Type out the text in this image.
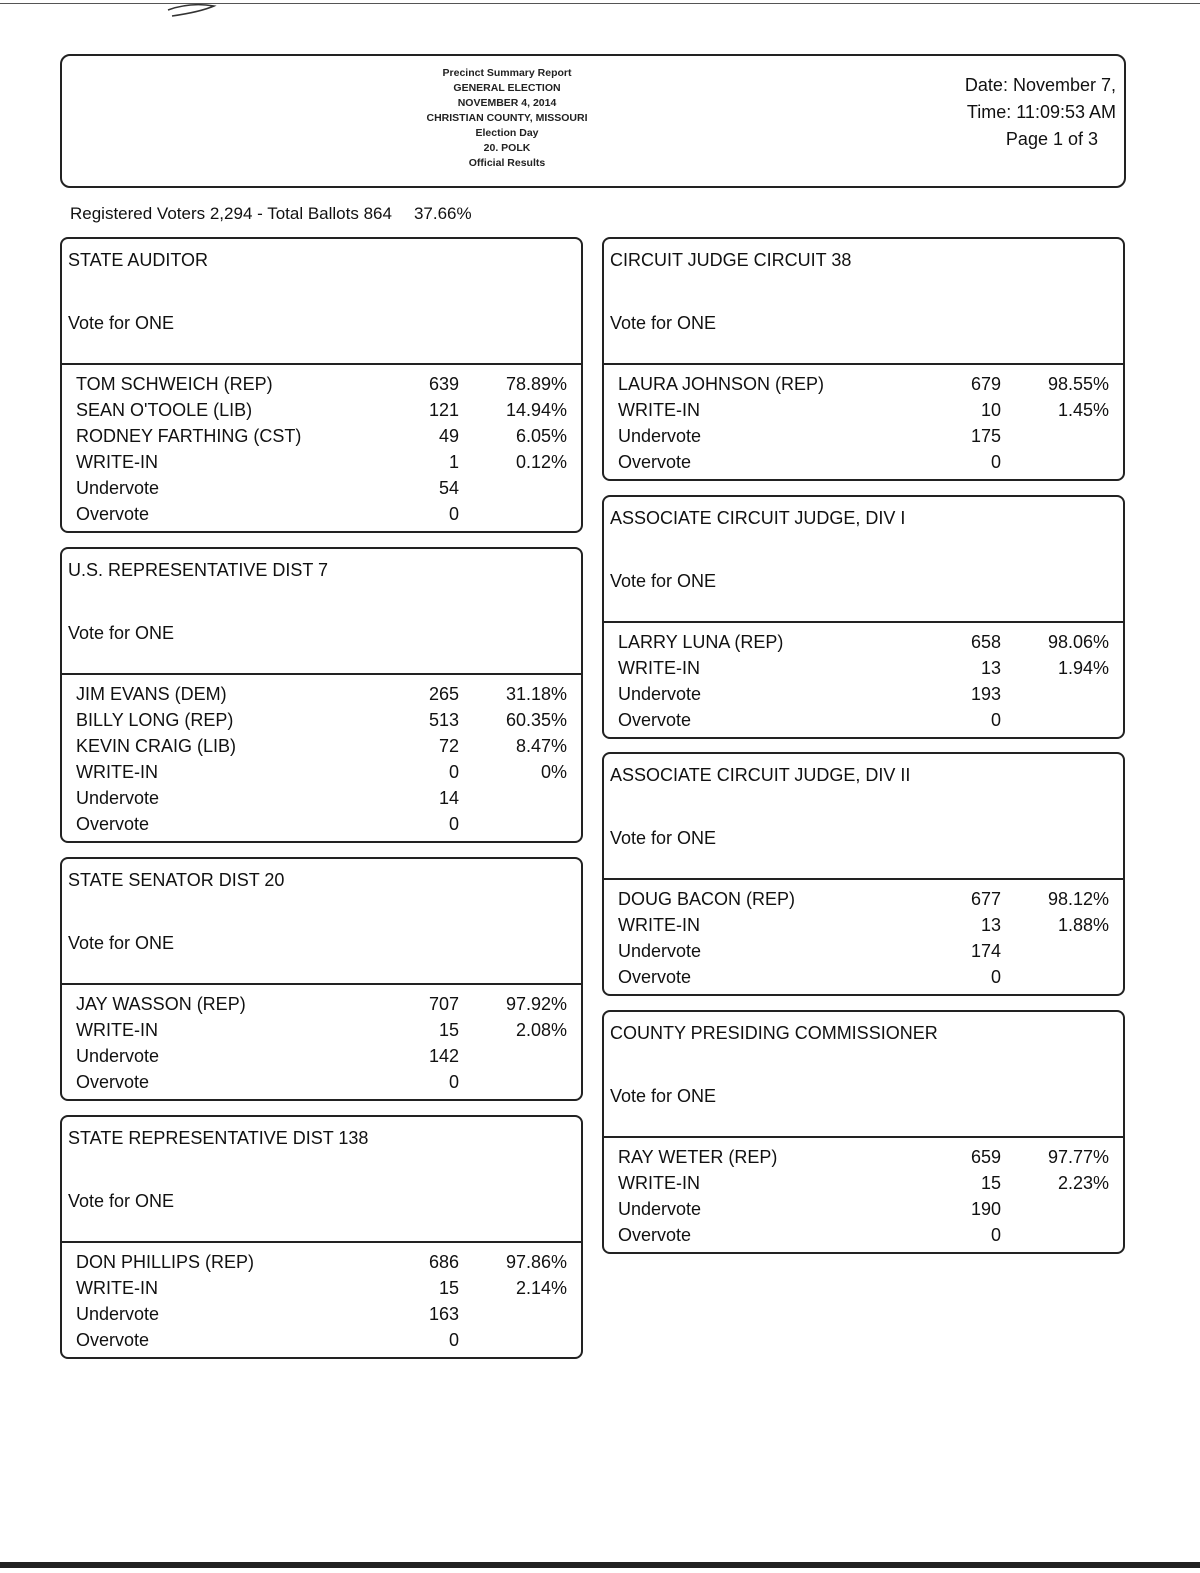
Precinct Summary Report
GENERAL ELECTION
NOVEMBER 4, 2014
CHRISTIAN COUNTY, MISSOURI
Election Day
20. POLK
Official Results
Date: November 7,
Time: 11:09:53 AM
Page 1 of 3
Registered Voters 2,294 - Total Ballots 864 37.66%
STATE AUDITOR
Vote for ONE
TOM SCHWEICH (REP)	639	78.89%
SEAN O'TOOLE (LIB)	121	14.94%
RODNEY FARTHING (CST)	49	6.05%
WRITE-IN	1	0.12%
Undervote	54
Overvote	0
U.S. REPRESENTATIVE DIST 7
Vote for ONE
JIM EVANS (DEM)	265	31.18%
BILLY LONG (REP)	513	60.35%
KEVIN CRAIG (LIB)	72	8.47%
WRITE-IN	0	0%
Undervote	14
Overvote	0
STATE SENATOR DIST 20
Vote for ONE
JAY WASSON (REP)	707	97.92%
WRITE-IN	15	2.08%
Undervote	142
Overvote	0
STATE REPRESENTATIVE DIST 138
Vote for ONE
DON PHILLIPS (REP)	686	97.86%
WRITE-IN	15	2.14%
Undervote	163
Overvote	0
CIRCUIT JUDGE CIRCUIT 38
Vote for ONE
LAURA JOHNSON (REP)	679	98.55%
WRITE-IN	10	1.45%
Undervote	175
Overvote	0
ASSOCIATE CIRCUIT JUDGE, DIV I
Vote for ONE
LARRY LUNA (REP)	658	98.06%
WRITE-IN	13	1.94%
Undervote	193
Overvote	0
ASSOCIATE CIRCUIT JUDGE, DIV II
Vote for ONE
DOUG BACON (REP)	677	98.12%
WRITE-IN	13	1.88%
Undervote	174
Overvote	0
COUNTY PRESIDING COMMISSIONER
Vote for ONE
RAY WETER (REP)	659	97.77%
WRITE-IN	15	2.23%
Undervote	190
Overvote	0
